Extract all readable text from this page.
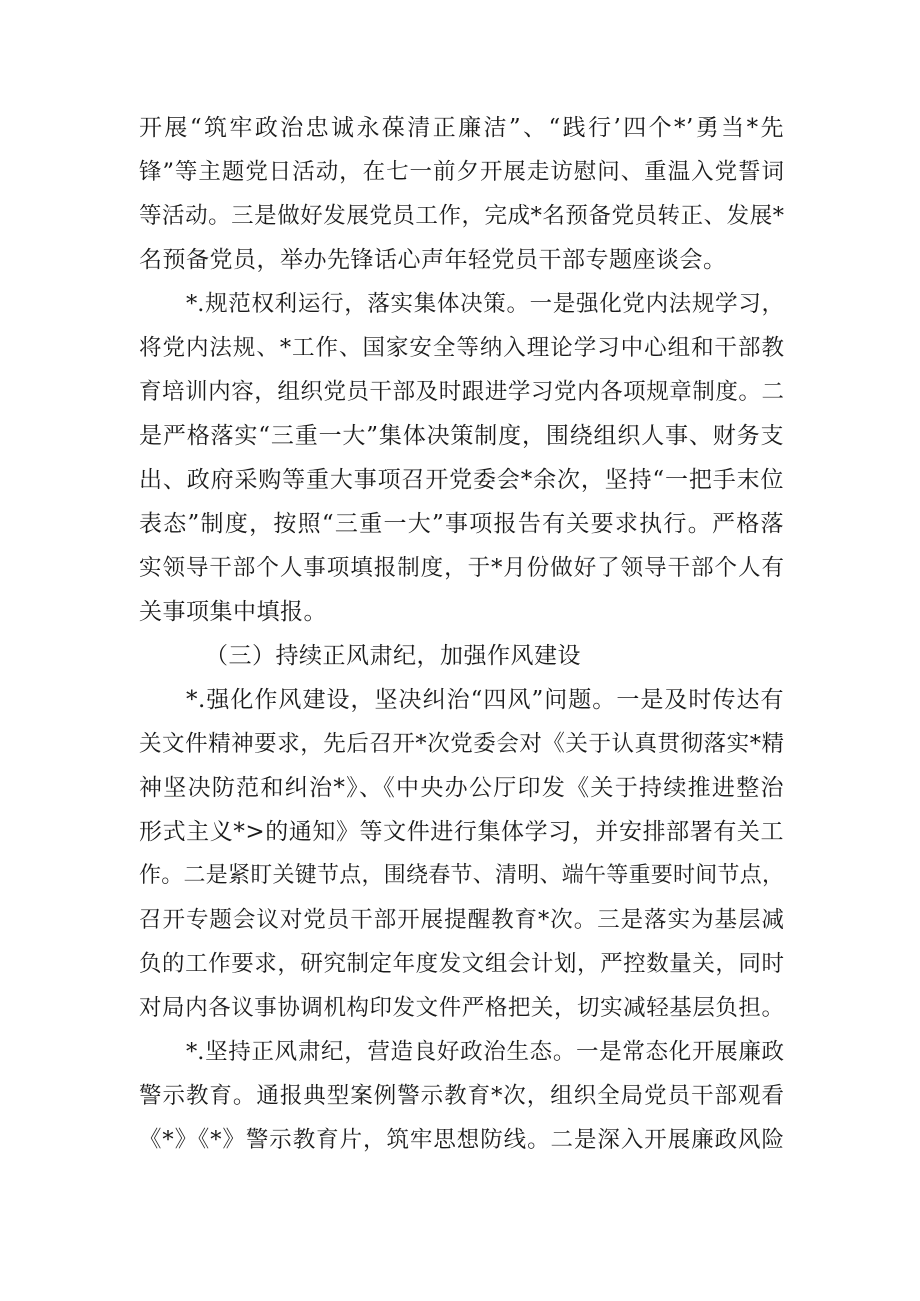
开展“筑牢政治忠诚永葆清正廉洁”、“践行’四个*’勇当*先
锋”等主题党日活动，在七一前夕开展走访慰问、重温入党誓词
等活动。三是做好发展党员工作，完成*名预备党员转正、发展*
名预备党员，举办先锋话心声年轻党员干部专题座谈会。
*.规范权利运行，落实集体决策。一是强化党内法规学习，
将党内法规、*工作、国家安全等纳入理论学习中心组和干部教
育培训内容，组织党员干部及时跟进学习党内各项规章制度。二
是严格落实“三重一大”集体决策制度，围绕组织人事、财务支
出、政府采购等重大事项召开党委会*余次，坚持“一把手末位
表态”制度，按照“三重一大”事项报告有关要求执行。严格落
实领导干部个人事项填报制度，于*月份做好了领导干部个人有
关事项集中填报。
（三）持续正风肃纪，加强作风建设
*.强化作风建设，坚决纠治“四风”问题。一是及时传达有
关文件精神要求，先后召开*次党委会对《关于认真贯彻落实*精
神坚决防范和纠治*》、《中央办公厅印发《关于持续推进整治
形式主义*>的通知》等文件进行集体学习，并安排部署有关工
作。二是紧盯关键节点，围绕春节、清明、端午等重要时间节点，
召开专题会议对党员干部开展提醒教育*次。三是落实为基层减
负的工作要求，研究制定年度发文组会计划，严控数量关，同时
对局内各议事协调机构印发文件严格把关，切实减轻基层负担。
*.坚持正风肃纪，营造良好政治生态。一是常态化开展廉政
警示教育。通报典型案例警示教育*次，组织全局党员干部观看
《*》《*》警示教育片，筑牢思想防线。二是深入开展廉政风险
